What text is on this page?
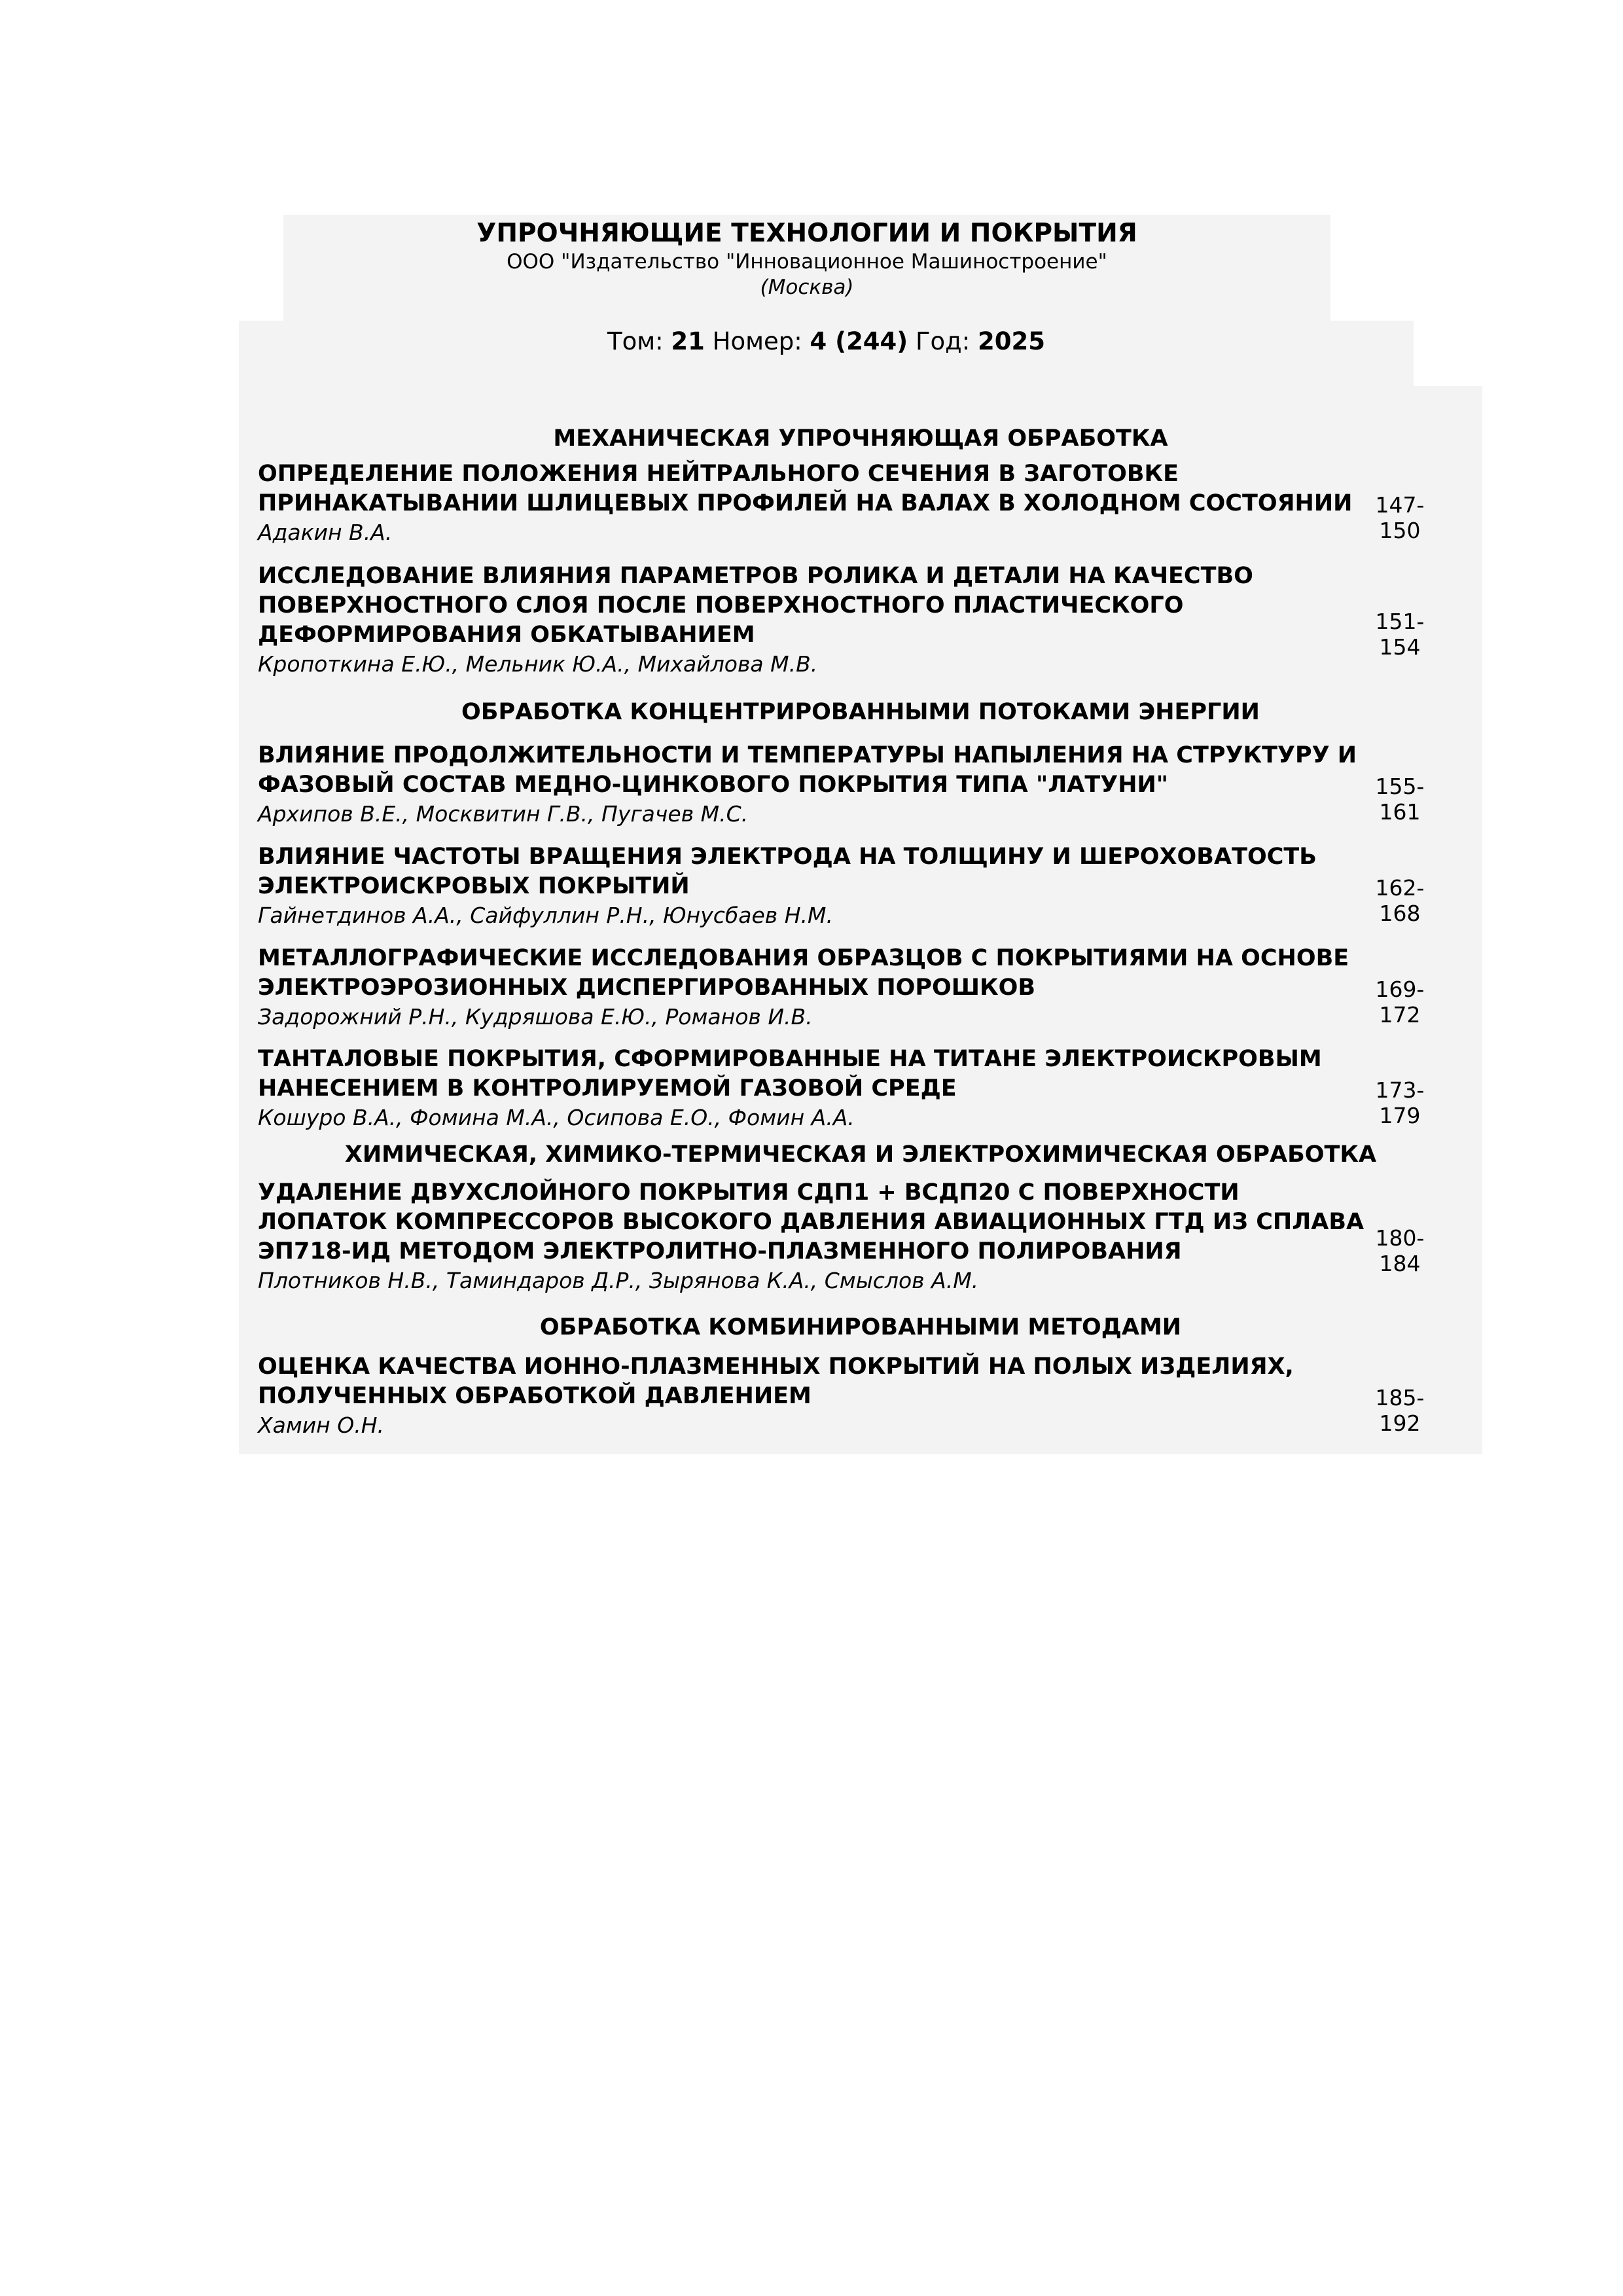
УПРОЧНЯЮЩИЕ ТЕХНОЛОГИИ И ПОКРЫТИЯ
ООО "Издательство "Инновационное Машиностроение"
(Москва)
Том: 21 Номер: 4 (244) Год: 2025
МЕХАНИЧЕСКАЯ УПРОЧНЯЮЩАЯ ОБРАБОТКА
ОПРЕДЕЛЕНИЕ ПОЛОЖЕНИЯ НЕЙТРАЛЬНОГО СЕЧЕНИЯ В ЗАГОТОВКЕ
ПРИНАКАТЫВАНИИ ШЛИЦЕВЫХ ПРОФИЛЕЙ НА ВАЛАХ В ХОЛОДНОМ СОСТОЯНИИ
Адакин В.А.
147-150
ИССЛЕДОВАНИЕ ВЛИЯНИЯ ПАРАМЕТРОВ РОЛИКА И ДЕТАЛИ НА КАЧЕСТВО
ПОВЕРХНОСТНОГО СЛОЯ ПОСЛЕ ПОВЕРХНОСТНОГО ПЛАСТИЧЕСКОГО
ДЕФОРМИРОВАНИЯ ОБКАТЫВАНИЕМ
Кропоткина Е.Ю., Мельник Ю.А., Михайлова М.В.
151-154
ОБРАБОТКА КОНЦЕНТРИРОВАННЫМИ ПОТОКАМИ ЭНЕРГИИ
ВЛИЯНИЕ ПРОДОЛЖИТЕЛЬНОСТИ И ТЕМПЕРАТУРЫ НАПЫЛЕНИЯ НА СТРУКТУРУ И
ФАЗОВЫЙ СОСТАВ МЕДНО-ЦИНКОВОГО ПОКРЫТИЯ ТИПА "ЛАТУНИ"
Архипов В.Е., Москвитин Г.В., Пугачев М.С.
155-161
ВЛИЯНИЕ ЧАСТОТЫ ВРАЩЕНИЯ ЭЛЕКТРОДА НА ТОЛЩИНУ И ШЕРОХОВАТОСТЬ
ЭЛЕКТРОИСКРОВЫХ ПОКРЫТИЙ
Гайнетдинов А.А., Сайфуллин Р.Н., Юнусбаев Н.М.
162-168
МЕТАЛЛОГРАФИЧЕСКИЕ ИССЛЕДОВАНИЯ ОБРАЗЦОВ С ПОКРЫТИЯМИ НА ОСНОВЕ
ЭЛЕКТРОЭРОЗИОННЫХ ДИСПЕРГИРОВАННЫХ ПОРОШКОВ
Задорожний Р.Н., Кудряшова Е.Ю., Романов И.В.
169-172
ТАНТАЛОВЫЕ ПОКРЫТИЯ, СФОРМИРОВАННЫЕ НА ТИТАНЕ ЭЛЕКТРОИСКРОВЫМ
НАНЕСЕНИЕМ В КОНТРОЛИРУЕМОЙ ГАЗОВОЙ СРЕДЕ
Кошуро В.А., Фомина М.А., Осипова Е.О., Фомин А.А.
173-179
ХИМИЧЕСКАЯ, ХИМИКО-ТЕРМИЧЕСКАЯ И ЭЛЕКТРОХИМИЧЕСКАЯ ОБРАБОТКА
УДАЛЕНИЕ ДВУХСЛОЙНОГО ПОКРЫТИЯ СДП1 + ВСДП20 С ПОВЕРХНОСТИ
ЛОПАТОК КОМПРЕССОРОВ ВЫСОКОГО ДАВЛЕНИЯ АВИАЦИОННЫХ ГТД ИЗ СПЛАВА
ЭП718-ИД МЕТОДОМ ЭЛЕКТРОЛИТНО-ПЛАЗМЕННОГО ПОЛИРОВАНИЯ
Плотников Н.В., Таминдаров Д.Р., Зырянова К.А., Смыслов А.М.
180-184
ОБРАБОТКА КОМБИНИРОВАННЫМИ МЕТОДАМИ
ОЦЕНКА КАЧЕСТВА ИОННО-ПЛАЗМЕННЫХ ПОКРЫТИЙ НА ПОЛЫХ ИЗДЕЛИЯХ,
ПОЛУЧЕННЫХ ОБРАБОТКОЙ ДАВЛЕНИЕМ
Хамин О.Н.
185-192
